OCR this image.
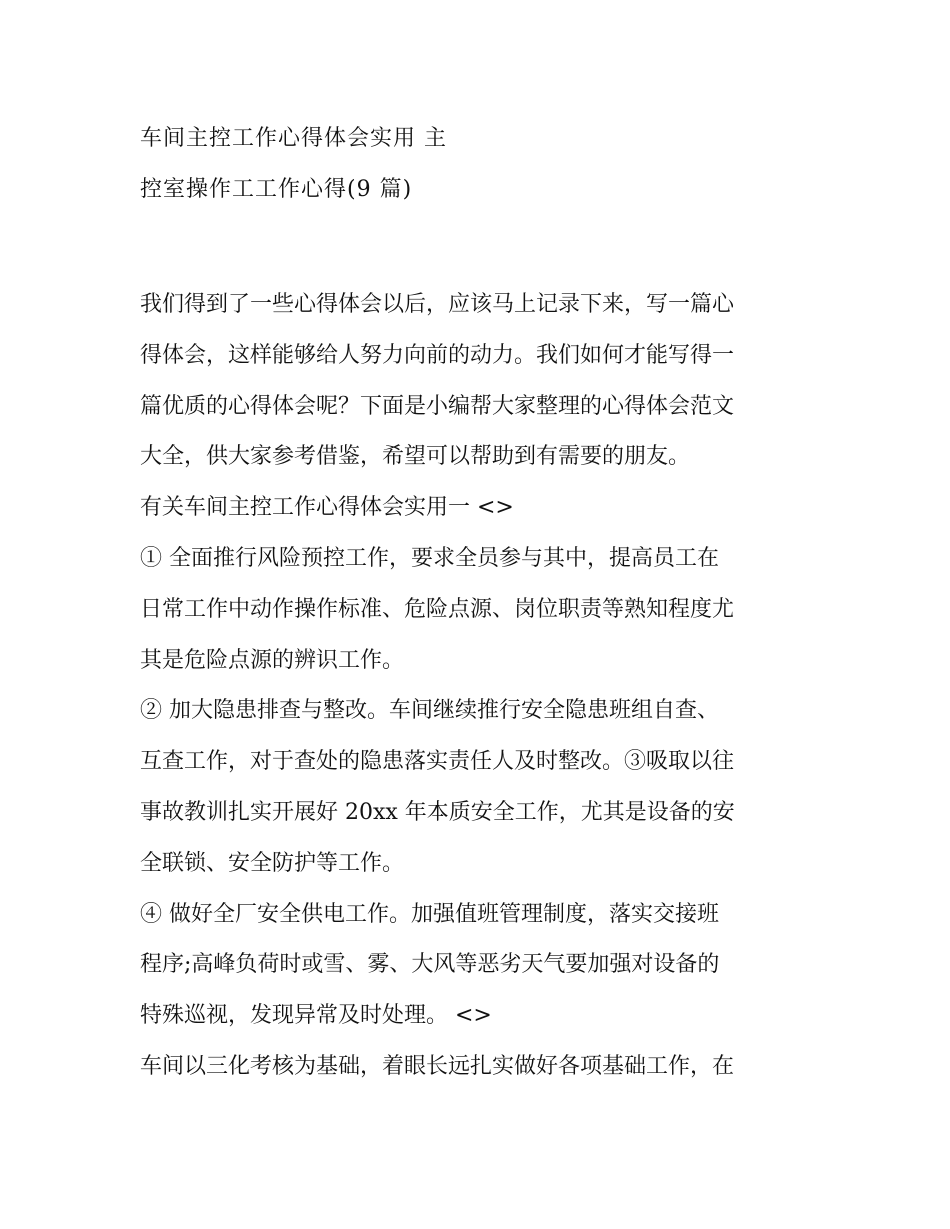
车间主控工作心得体会实用 主
控室操作工工作心得(9 篇)
我们得到了一些心得体会以后，应该马上记录下来，写一篇心
得体会，这样能够给人努力向前的动力。我们如何才能写得一
篇优质的心得体会呢？下面是小编帮大家整理的心得体会范文
大全，供大家参考借鉴，希望可以帮助到有需要的朋友。
有关车间主控工作心得体会实用一 <>
① 全面推行风险预控工作，要求全员参与其中，提高员工在
日常工作中动作操作标准、危险点源、岗位职责等熟知程度尤
其是危险点源的辨识工作。
② 加大隐患排查与整改。车间继续推行安全隐患班组自查、
互查工作，对于查处的隐患落实责任人及时整改。③吸取以往
事故教训扎实开展好 20xx 年本质安全工作，尤其是设备的安
全联锁、安全防护等工作。
④ 做好全厂安全供电工作。加强值班管理制度，落实交接班
程序;高峰负荷时或雪、雾、大风等恶劣天气要加强对设备的
特殊巡视，发现异常及时处理。 <>
车间以三化考核为基础，着眼长远扎实做好各项基础工作，在
